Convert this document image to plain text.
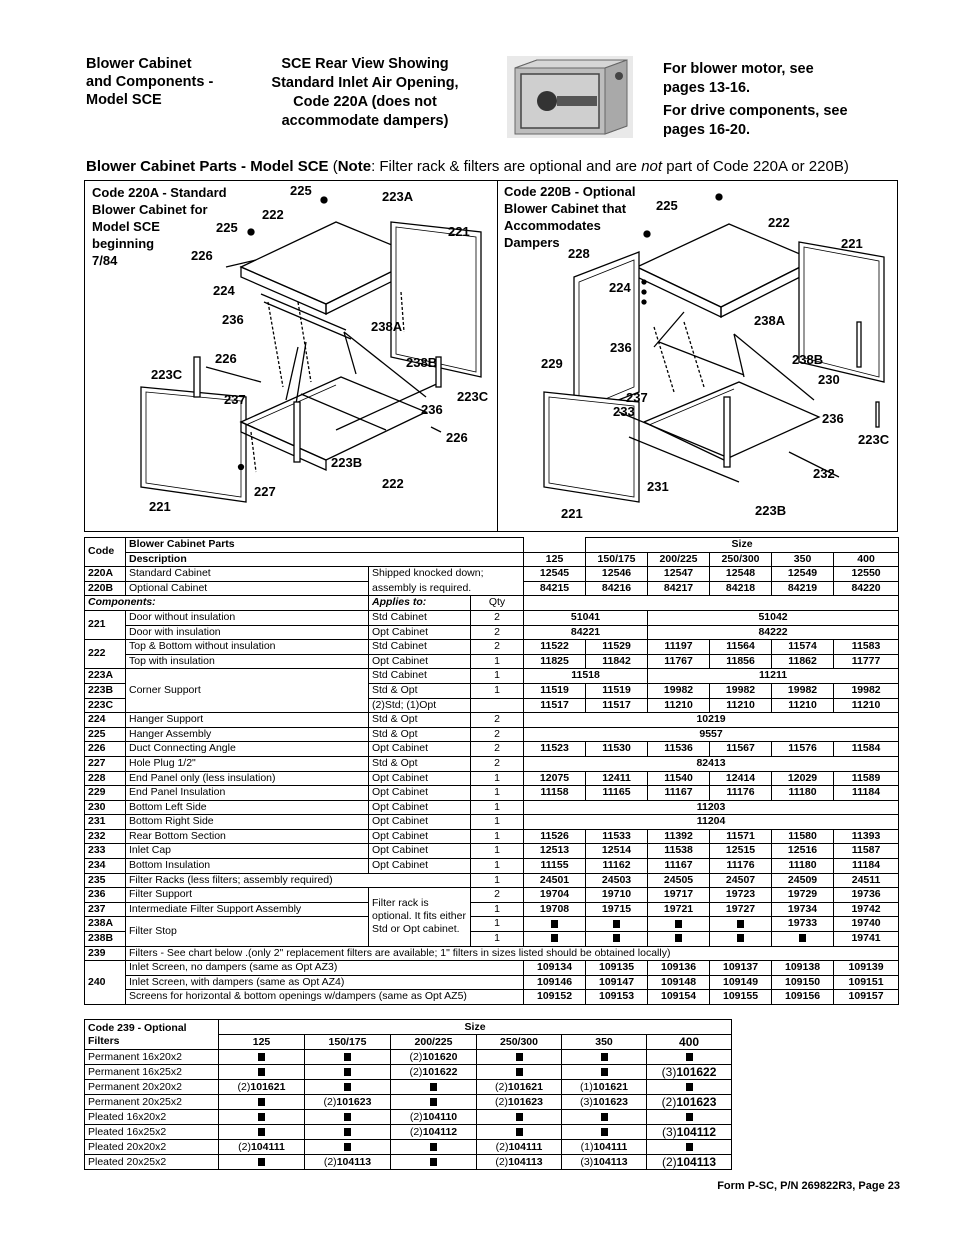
Blower Cabinet
and Components -
Model SCE
SCE Rear View Showing
Standard Inlet Air Opening,
Code 220A (does not
accommodate dampers)
For blower motor, see
pages 13-16.
For drive components, see
pages 16-20.
Blower Cabinet Parts - Model SCE (Note: Filter rack & filters are optional and are not part of Code 220A or 220B)
Code 220A - Standard
Blower Cabinet for
Model SCE
beginning
7/84
225	223A
222
225	221
226
224
236	238A
226	238B
223C
223C
237
236
226
223B
222
227
221
Code 220B - Optional
Blower Cabinet that
Accommodates
Dampers
225
222
221
228
224
238A
236
229	238B
230
237
233	236
223C
232
231
221	223B
Code	Blower Cabinet Parts				Size				
	Description			125	150/175	200/225	250/300	350	400
220A	Standard Cabinet	Shipped knocked down;		12545	12546	12547	12548	12549	12550
220B	Optional Cabinet	assembly is required.		84215	84216	84217	84218	84219	84220
Components:		Applies to:	Qty						
221	Door without insulation	Std Cabinet	2	51041		51042			
	Door with insulation	Opt Cabinet	2	84221		84222			
222	Top & Bottom without insulation	Std Cabinet	2	11522	11529	11197	11564	11574	11583
	Top with insulation	Opt Cabinet	1	11825	11842	11767	11856	11862	11777
223A	Corner Support	Std Cabinet	1	11518		11211			
223B		Std & Opt	1	11519	11519	19982	19982	19982	19982
223C		(2)Std; (1)Opt		11517	11517	11210	11210	11210	11210
224	Hanger Support	Std & Opt	2	10219					
225	Hanger Assembly	Std & Opt	2	9557					
226	Duct Connecting Angle	Opt Cabinet	2	11523	11530	11536	11567	11576	11584
227	Hole Plug 1/2"	Std & Opt	2	82413					
228	End Panel only (less insulation)	Opt Cabinet	1	12075	12411	11540	12414	12029	11589
229	End Panel Insulation	Opt Cabinet	1	11158	11165	11167	11176	11180	11184
230	Bottom Left Side	Opt Cabinet	1	11203					
231	Bottom Right Side	Opt Cabinet	1	11204					
232	Rear Bottom Section	Opt Cabinet	1	11526	11533	11392	11571	11580	11393
233	Inlet Cap	Opt Cabinet	1	12513	12514	11538	12515	12516	11587
234	Bottom Insulation	Opt Cabinet	1	11155	11162	11167	11176	11180	11184
235	Filter Racks (less filters; assembly required)		1	24501	24503	24505	24507	24509	24511
236	Filter Support	Filter rack is
optional. It fits either
Std or Opt cabinet.	2	19704	19710	19717	19723	19729	19736
237	Intermediate Filter Support Assembly		1	19708	19715	19721	19727	19734	19742
238A	Filter Stop		1					19733	19740
238B			1						19741
239	Filters - See chart below .(only 2" replacement filters are available; 1" filters in sizes listed should be obtained locally)								
240	Inlet Screen, no dampers (same as Opt AZ3)			109134	109135	109136	109137	109138	109139
	Inlet Screen, with dampers (same as Opt AZ4)			109146	109147	109148	109149	109150	109151
	Screens for horizontal & bottom openings w/dampers (same as Opt AZ5)			109152	109153	109154	109155	109156	109157
Code 239 - Optional
Filters	Size					
	125	150/175	200/225	250/300	350	400
Permanent 16x20x2			(2)101620			
Permanent 16x25x2			(2)101622			(3)101622
Permanent 20x20x2	(2)101621			(2)101621	(1)101621	
Permanent 20x25x2		(2)101623		(2)101623	(3)101623	(2)101623
Pleated 16x20x2			(2)104110			
Pleated 16x25x2			(2)104112			(3)104112
Pleated 20x20x2	(2)104111			(2)104111	(1)104111	
Pleated 20x25x2		(2)104113		(2)104113	(3)104113	(2)104113
Form P-SC, P/N 269822R3, Page 23
